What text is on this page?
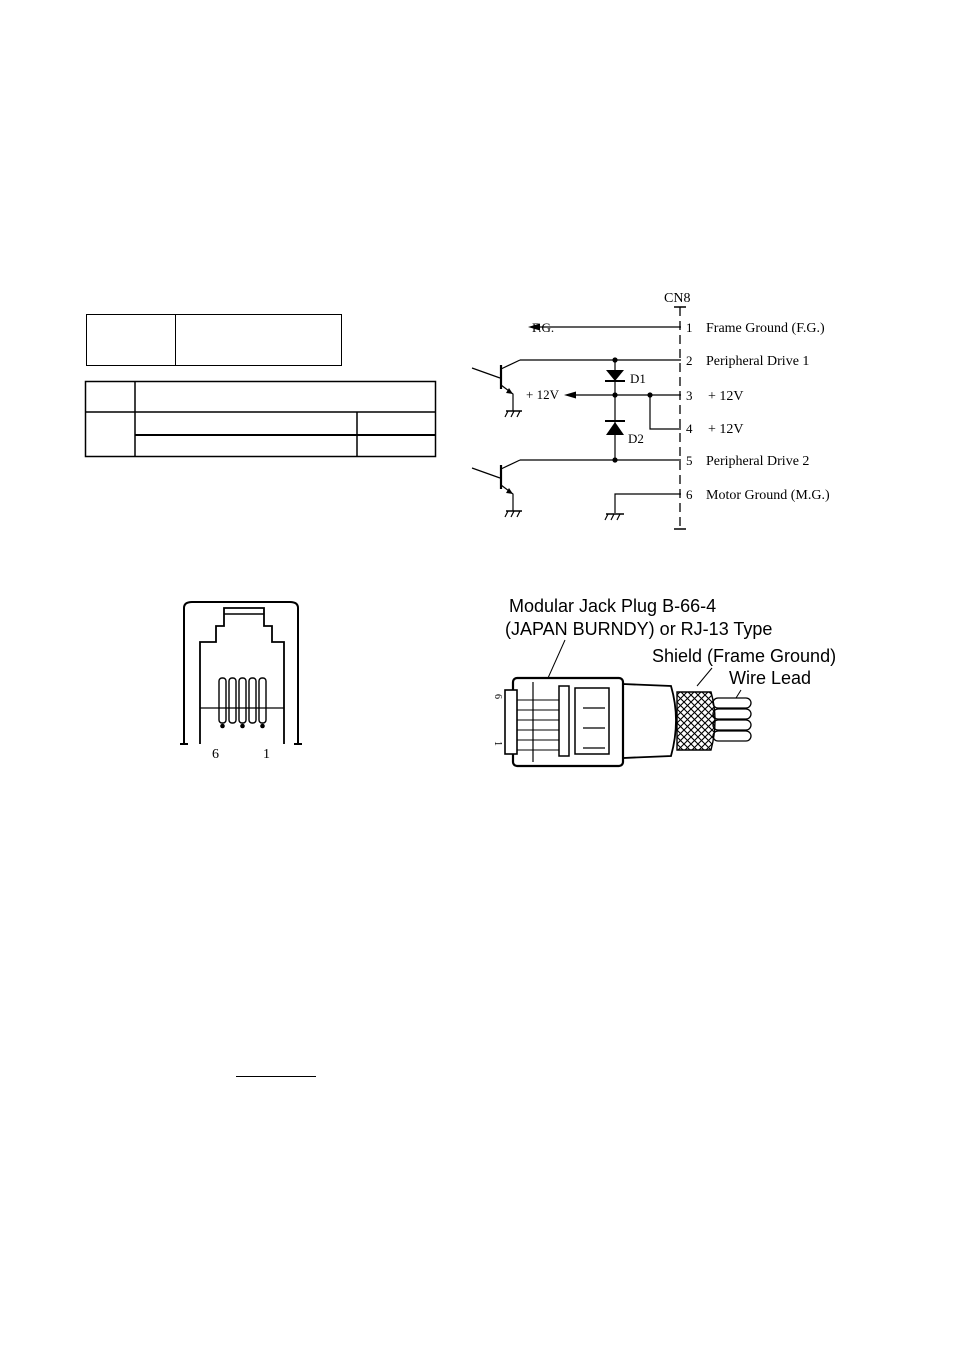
CN8
F.G.	1 Frame Ground (F.G.)
2 Peripheral Drive 1
+ 12V	3 + 12V
4 + 12V
5 Peripheral Drive 2
6 Motor Ground (M.G.)
D1
D2
6	1
Modular Jack Plug B-66-4
(JAPAN BURNDY) or RJ-13 Type
Shield (Frame Ground)
Wire Lead
6
1
